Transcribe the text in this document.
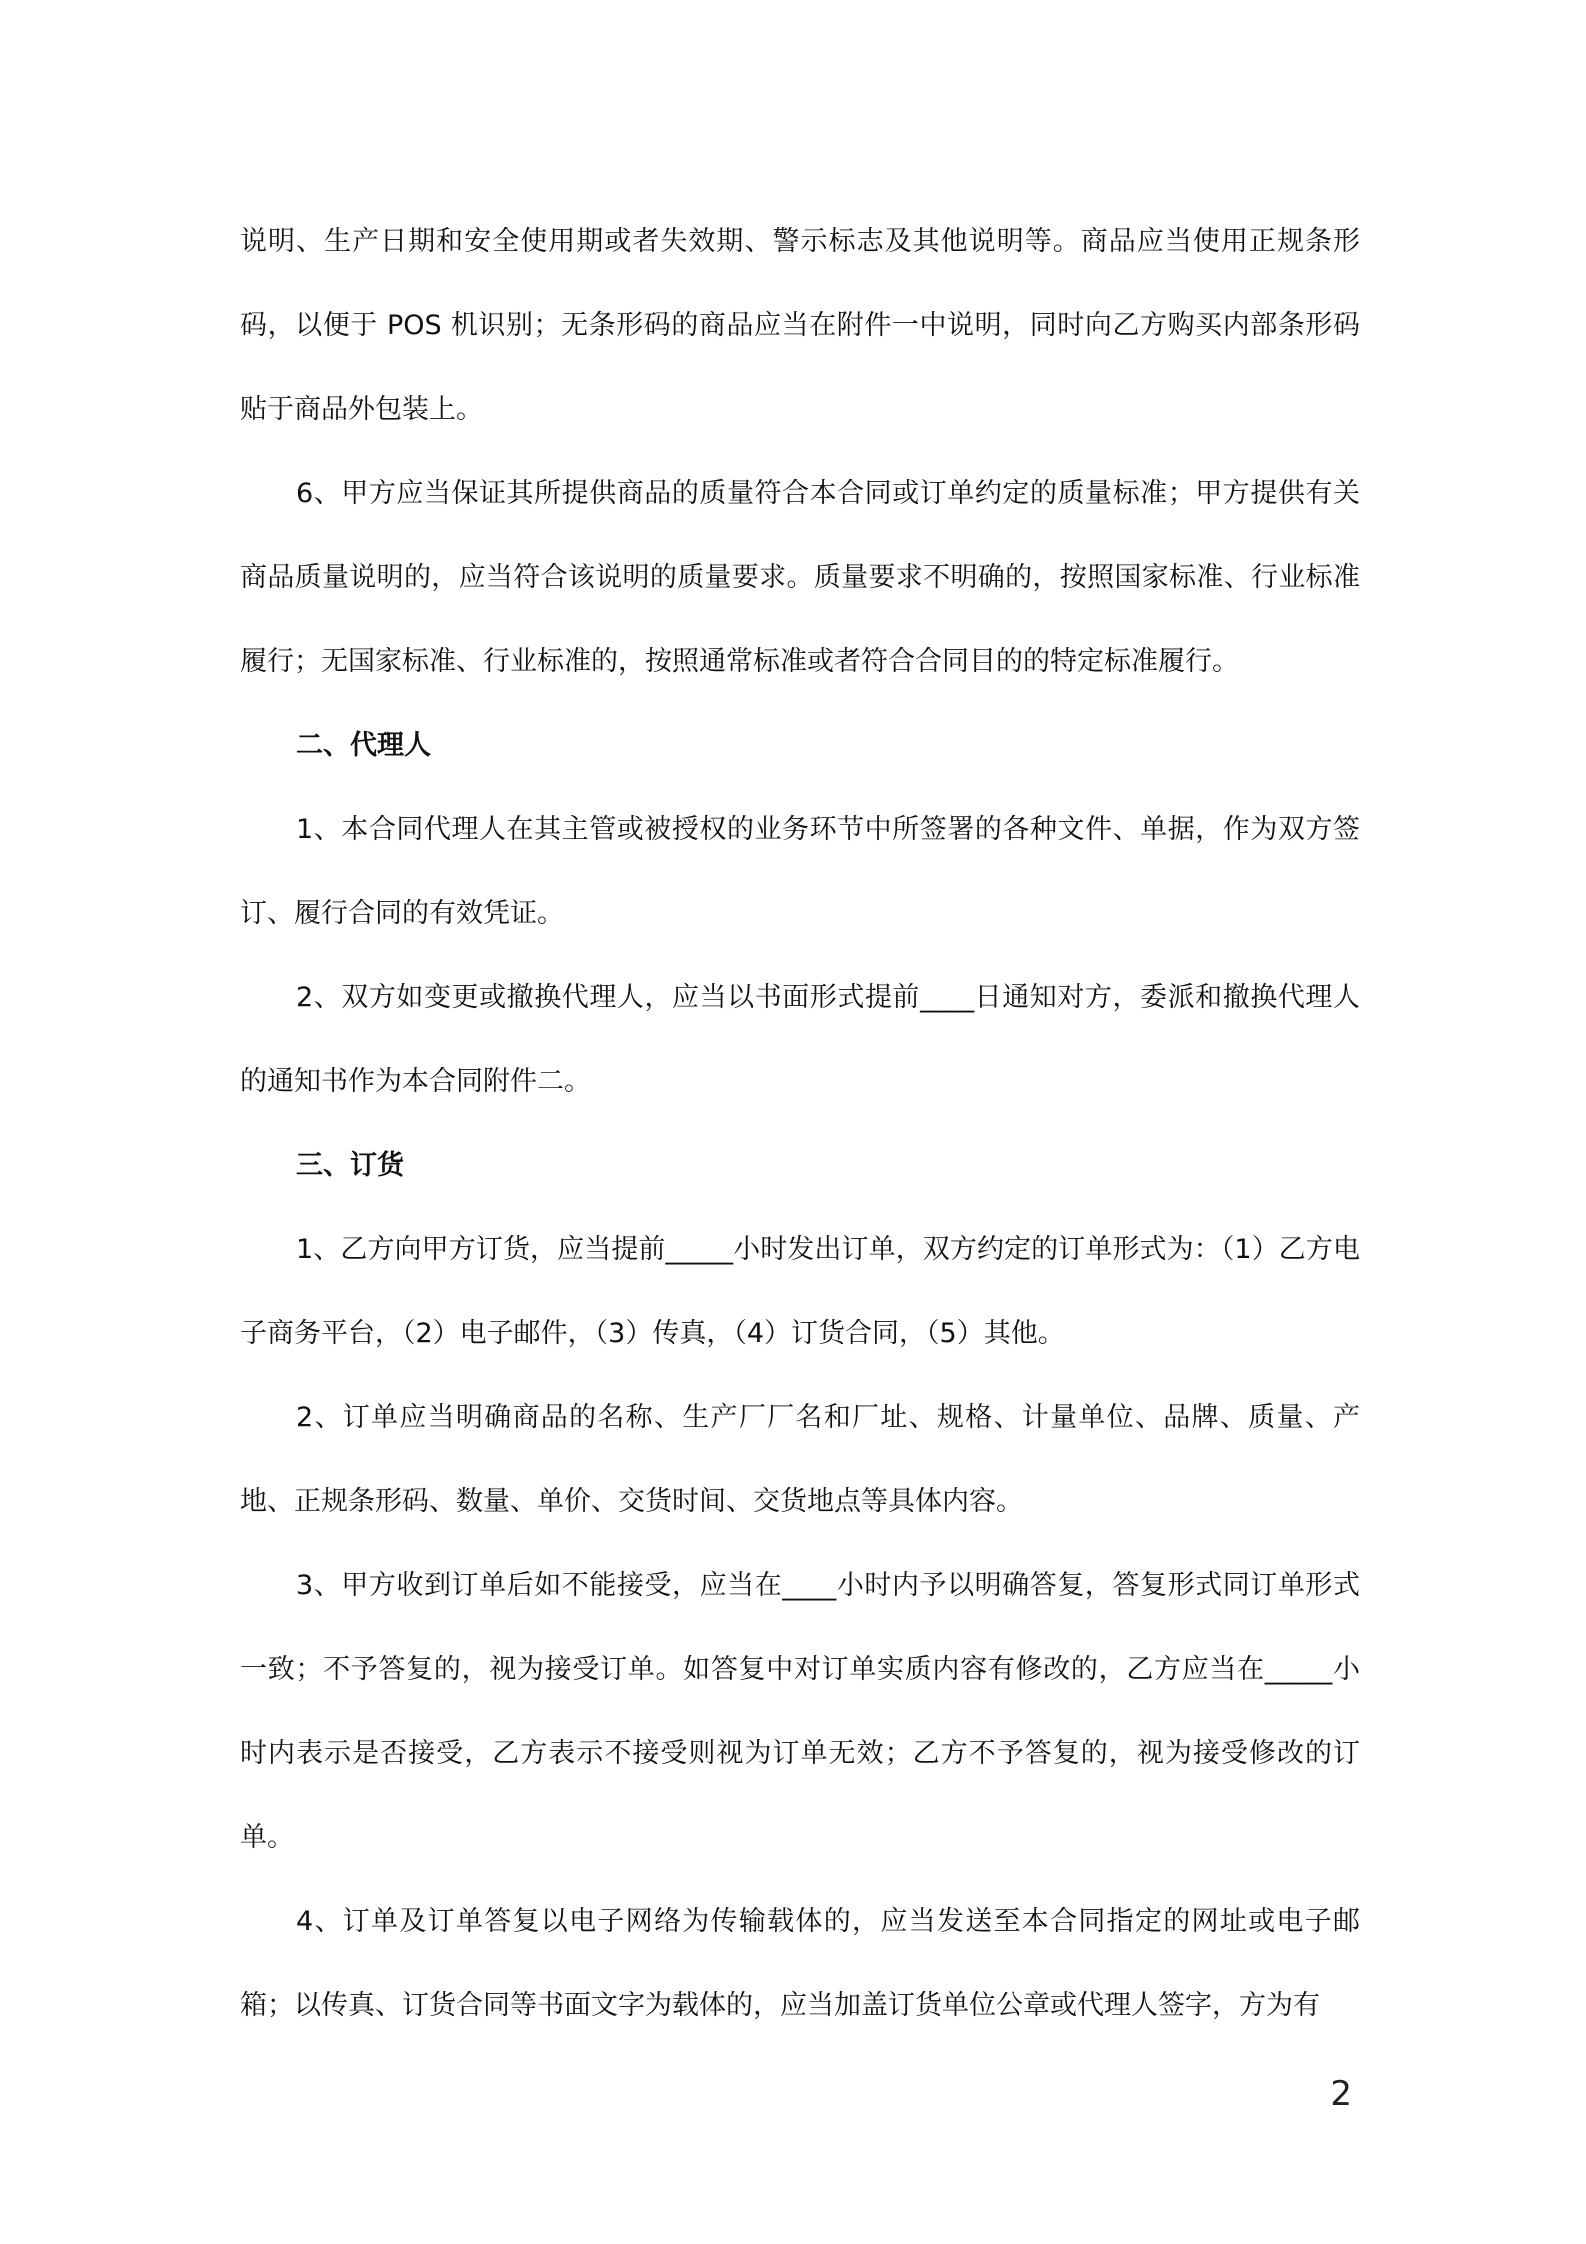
说明、生产日期和安全使用期或者失效期、警示标志及其他说明等。商品应当使用正规条形码，以便于 POS 机识别；无条形码的商品应当在附件一中说明，同时向乙方购买内部条形码贴于商品外包装上。

6、甲方应当保证其所提供商品的质量符合本合同或订单约定的质量标准；甲方提供有关商品质量说明的，应当符合该说明的质量要求。质量要求不明确的，按照国家标准、行业标准履行；无国家标准、行业标准的，按照通常标准或者符合合同目的的特定标准履行。

二、代理人

1、本合同代理人在其主管或被授权的业务环节中所签署的各种文件、单据，作为双方签订、履行合同的有效凭证。

2、双方如变更或撤换代理人，应当以书面形式提前____日通知对方，委派和撤换代理人的通知书作为本合同附件二。

三、订货

1、乙方向甲方订货，应当提前_____小时发出订单，双方约定的订单形式为：（1）乙方电子商务平台，（2）电子邮件，（3）传真，（4）订货合同，（5）其他。

2、订单应当明确商品的名称、生产厂厂名和厂址、规格、计量单位、品牌、质量、产地、正规条形码、数量、单价、交货时间、交货地点等具体内容。

3、甲方收到订单后如不能接受，应当在____小时内予以明确答复，答复形式同订单形式一致；不予答复的，视为接受订单。如答复中对订单实质内容有修改的，乙方应当在_____小时内表示是否接受，乙方表示不接受则视为订单无效；乙方不予答复的，视为接受修改的订单。

4、订单及订单答复以电子网络为传输载体的，应当发送至本合同指定的网址或电子邮箱；以传真、订货合同等书面文字为载体的，应当加盖订货单位公章或代理人签字，方为有

2
